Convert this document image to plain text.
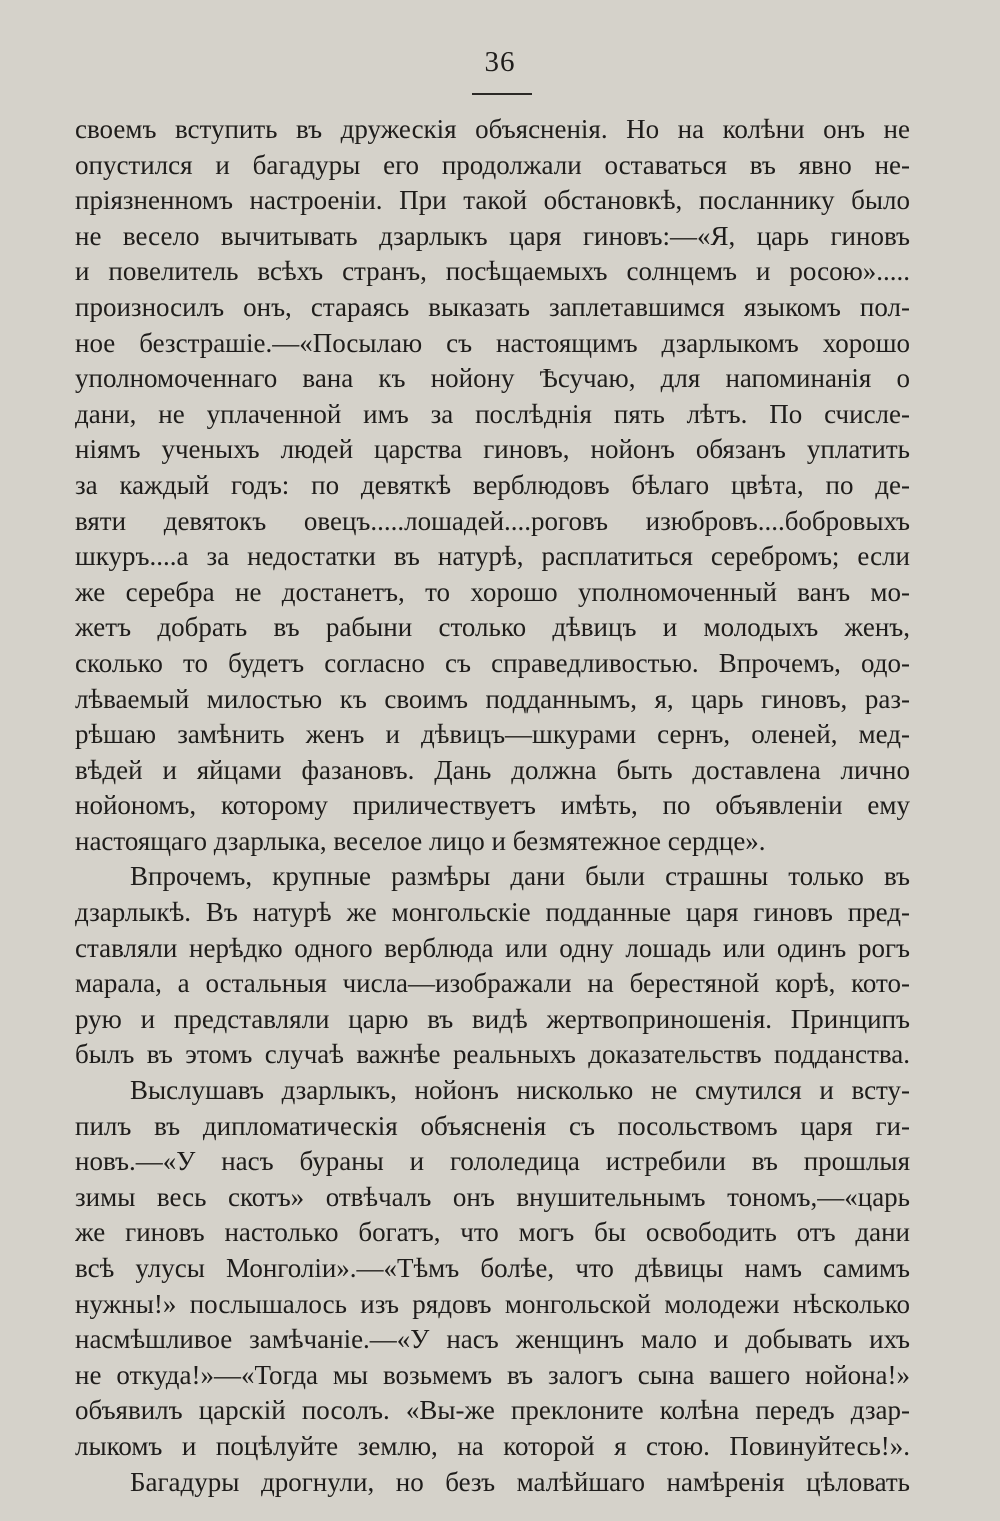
36
своемъ вступить въ дружескія объясненія. Но на колѣни онъ не
опустился и багадуры его продолжали оставаться въ явно не-
пріязненномъ настроеніи. При такой обстановкѣ, посланнику было
не весело вычитывать дзарлыкъ царя гиновъ:—«Я, царь гиновъ
и повелитель всѣхъ странъ, посѣщаемыхъ солнцемъ и росою».....
произносилъ онъ, стараясь выказать заплетавшимся языкомъ пол-
ное безстрашіе.—«Посылаю съ настоящимъ дзарлыкомъ хорошо
уполномоченнаго вана къ нойону Ѣсучаю, для напоминанія о
дани, не уплаченной имъ за послѣднія пять лѣтъ. По счисле-
ніямъ ученыхъ людей царства гиновъ, нойонъ обязанъ уплатить
за каждый годъ: по девяткѣ верблюдовъ бѣлаго цвѣта, по де-
вяти девятокъ овецъ.....лошадей....роговъ изюбровъ....бобровыхъ
шкуръ....а за недостатки въ натурѣ, расплатиться серебромъ; если
же серебра не достанетъ, то хорошо уполномоченный ванъ мо-
жетъ добрать въ рабыни столько дѣвицъ и молодыхъ женъ,
сколько то будетъ согласно съ справедливостью. Впрочемъ, одо-
лѣваемый милостью къ своимъ подданнымъ, я, царь гиновъ, раз-
рѣшаю замѣнить женъ и дѣвицъ—шкурами сернъ, оленей, мед-
вѣдей и яйцами фазановъ. Дань должна быть доставлена лично
нойономъ, которому приличествуетъ имѣть, по объявленіи ему
настоящаго дзарлыка, веселое лицо и безмятежное сердце».
Впрочемъ, крупные размѣры дани были страшны только въ
дзарлыкѣ. Въ натурѣ же монгольскіе подданные царя гиновъ пред-
ставляли нерѣдко одного верблюда или одну лошадь или одинъ рогъ
марала, а остальныя числа—изображали на берестяной корѣ, кото-
рую и представляли царю въ видѣ жертвоприношенія. Принципъ
былъ въ этомъ случаѣ важнѣе реальныхъ доказательствъ подданства.
Выслушавъ дзарлыкъ, нойонъ нисколько не смутился и всту-
пилъ въ дипломатическія объясненія съ посольствомъ царя ги-
новъ.—«У насъ бураны и гололедица истребили въ прошлыя
зимы весь скотъ» отвѣчалъ онъ внушительнымъ тономъ,—«царь
же гиновъ настолько богатъ, что могъ бы освободить отъ дани
всѣ улусы Монголіи».—«Тѣмъ болѣе, что дѣвицы намъ самимъ
нужны!» послышалось изъ рядовъ монгольской молодежи нѣсколько
насмѣшливое замѣчаніе.—«У насъ женщинъ мало и добывать ихъ
не откуда!»—«Тогда мы возьмемъ въ залогъ сына вашего нойона!»
объявилъ царскій посолъ. «Вы-же преклоните колѣна передъ дзар-
лыкомъ и поцѣлуйте землю, на которой я стою. Повинуйтесь!».
Багадуры дрогнули, но безъ малѣйшаго намѣренія цѣловать
